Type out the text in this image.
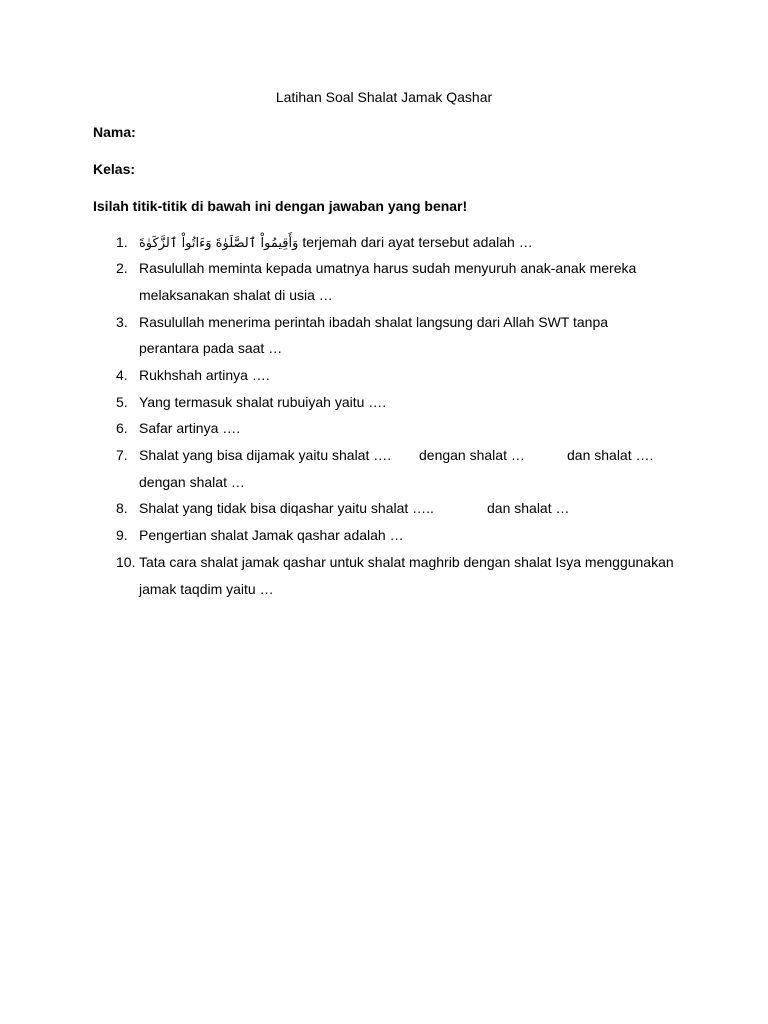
Latihan Soal Shalat Jamak Qashar
Nama:
Kelas:
Isilah titik-titik di bawah ini dengan jawaban yang benar!
1. وَأَقِيمُواْ ٱلصَّلَوٰةَ وَءَاتُواْ ٱلزَّكَوٰةَ terjemah dari ayat tersebut adalah …
2. Rasulullah meminta kepada umatnya harus sudah menyuruh anak-anak mereka
melaksanakan shalat di usia …
3. Rasulullah menerima perintah ibadah shalat langsung dari Allah SWT tanpa
perantara pada saat …
4. Rukhshah artinya ….
5. Yang termasuk shalat rubuiyah yaitu ….
6. Safar artinya ….
7. Shalat yang bisa dijamak yaitu shalat …. dengan shalat …	dan shalat ….
dengan shalat …
8. Shalat yang tidak bisa diqashar yaitu shalat …..	dan shalat …
9. Pengertian shalat Jamak qashar adalah …
10. Tata cara shalat jamak qashar untuk shalat maghrib dengan shalat Isya menggunakan
jamak taqdim yaitu …
